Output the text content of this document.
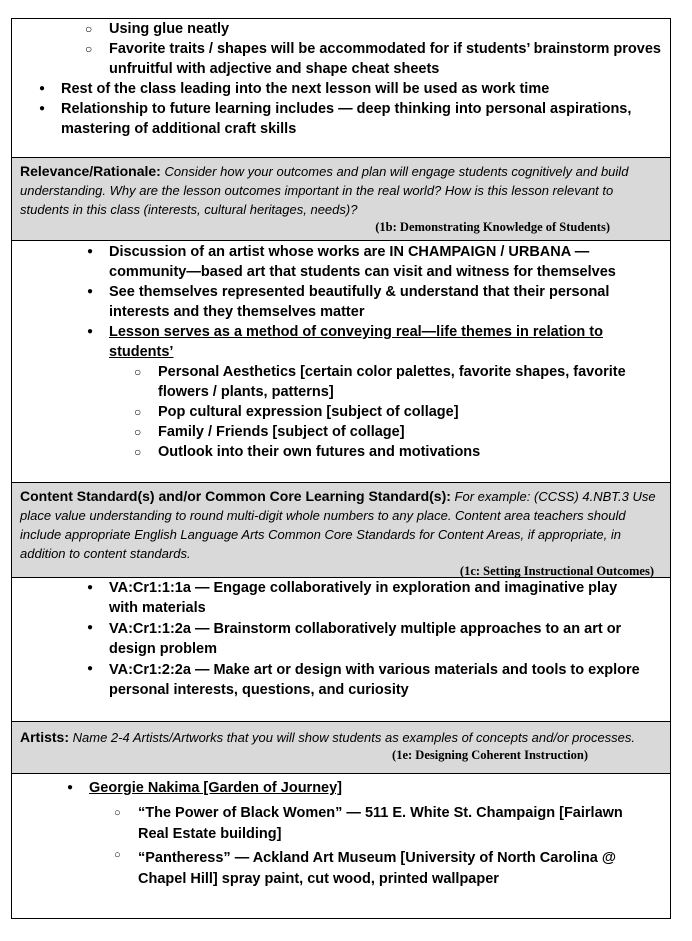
○ Using glue neatly
○ Favorite traits / shapes will be accommodated for if students’ brainstorm proves unfruitful with adjective and shape cheat sheets
● Rest of the class leading into the next lesson will be used as work time
● Relationship to future learning includes — deep thinking into personal aspirations, mastering of additional craft skills
Relevance/Rationale: Consider how your outcomes and plan will engage students cognitively and build understanding. Why are the lesson outcomes important in the real world? How is this lesson relevant to students in this class (interests, cultural heritages, needs)?
(1b: Demonstrating Knowledge of Students)
● Discussion of an artist whose works are IN CHAMPAIGN / URBANA — community—based art that students can visit and witness for themselves
● See themselves represented beautifully & understand that their personal interests and they themselves matter
● Lesson serves as a method of conveying real—life themes in relation to students’
○ Personal Aesthetics [certain color palettes, favorite shapes, favorite flowers / plants, patterns]
○ Pop cultural expression [subject of collage]
○ Family / Friends [subject of collage]
○ Outlook into their own futures and motivations
Content Standard(s) and/or Common Core Learning Standard(s): For example: (CCSS) 4.NBT.3 Use place value understanding to round multi-digit whole numbers to any place. Content area teachers should include appropriate English Language Arts Common Core Standards for Content Areas, if appropriate, in addition to content standards.
(1c: Setting Instructional Outcomes)
● VA:Cr1:1:1a — Engage collaboratively in exploration and imaginative play with materials
● VA:Cr1:1:2a — Brainstorm collaboratively multiple approaches to an art or design problem
● VA:Cr1:2:2a — Make art or design with various materials and tools to explore personal interests, questions, and curiosity
Artists: Name 2-4 Artists/Artworks that you will show students as examples of concepts and/or processes.
(1e: Designing Coherent Instruction)
● Georgie Nakima [Garden of Journey]
○ “The Power of Black Women” — 511 E. White St. Champaign [Fairlawn Real Estate building]
○ “Pantheress” — Ackland Art Museum [University of North Carolina @ Chapel Hill] spray paint, cut wood, printed wallpaper
